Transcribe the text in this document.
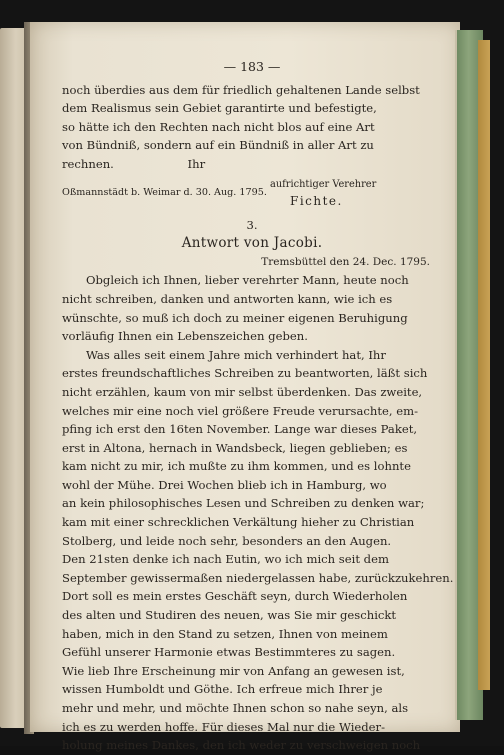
— 183 —
noch überdies aus dem für friedlich gehaltenen Lande selbst
dem Realismus sein Gebiet garantirte und befestigte,
so hätte ich den Rechten nach nicht blos auf eine Art
von Bündniß, sondern auf ein Bündniß in aller Art zu
rechnen.                    Ihr
Oßmannstädt b. Weimar d. 30. Aug. 1795.
aufrichtiger Verehrer
Fichte.
3.
Antwort von Jacobi.
Tremsbüttel den 24. Dec. 1795.
Obgleich ich Ihnen, lieber verehrter Mann, heute noch
nicht schreiben, danken und antworten kann, wie ich es
wünschte, so muß ich doch zu meiner eigenen Beruhigung
vorläufig Ihnen ein Lebenszeichen geben.
Was alles seit einem Jahre mich verhindert hat, Ihr
erstes freundschaftliches Schreiben zu beantworten, läßt sich
nicht erzählen, kaum von mir selbst überdenken. Das zweite,
welches mir eine noch viel größere Freude verursachte, em-
pfing ich erst den 16ten November. Lange war dieses Paket,
erst in Altona, hernach in Wandsbeck, liegen geblieben; es
kam nicht zu mir, ich mußte zu ihm kommen, und es lohnte
wohl der Mühe. Drei Wochen blieb ich in Hamburg, wo
an kein philosophisches Lesen und Schreiben zu denken war;
kam mit einer schrecklichen Verkältung hieher zu Christian
Stolberg, und leide noch sehr, besonders an den Augen.
Den 21sten denke ich nach Eutin, wo ich mich seit dem
September gewissermaßen niedergelassen habe, zurückzukehren.
Dort soll es mein erstes Geschäft seyn, durch Wiederholen
des alten und Studiren des neuen, was Sie mir geschickt
haben, mich in den Stand zu setzen, Ihnen von meinem
Gefühl unserer Harmonie etwas Bestimmteres zu sagen.
Wie lieb Ihre Erscheinung mir von Anfang an gewesen ist,
wissen Humboldt und Göthe. Ich erfreue mich Ihrer je
mehr und mehr, und möchte Ihnen schon so nahe seyn, als
ich es zu werden hoffe. Für dieses Mal nur die Wieder-
holung meines Dankes, den ich weder zu verschweigen noch
